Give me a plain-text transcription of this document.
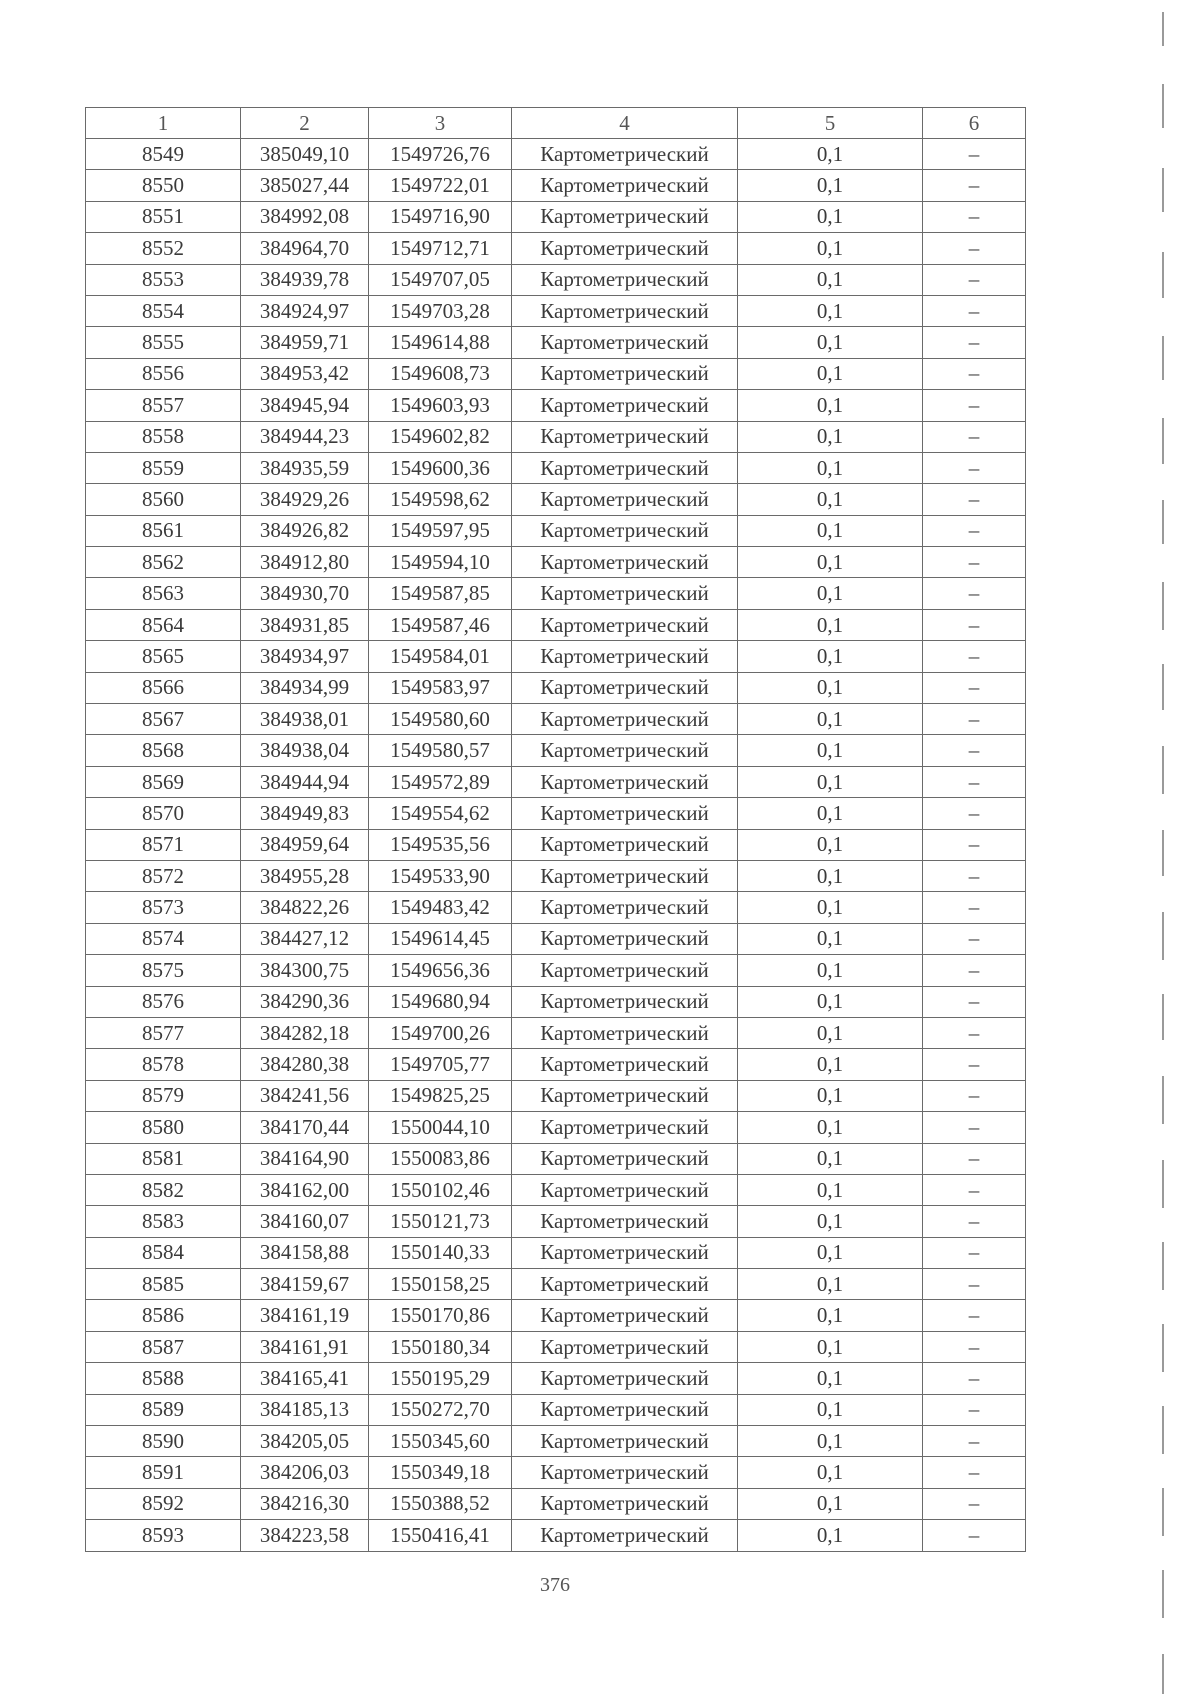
1	2	3	4	5	6
8549	385049,10	1549726,76	Картометрический	0,1	–
8550	385027,44	1549722,01	Картометрический	0,1	–
8551	384992,08	1549716,90	Картометрический	0,1	–
8552	384964,70	1549712,71	Картометрический	0,1	–
8553	384939,78	1549707,05	Картометрический	0,1	–
8554	384924,97	1549703,28	Картометрический	0,1	–
8555	384959,71	1549614,88	Картометрический	0,1	–
8556	384953,42	1549608,73	Картометрический	0,1	–
8557	384945,94	1549603,93	Картометрический	0,1	–
8558	384944,23	1549602,82	Картометрический	0,1	–
8559	384935,59	1549600,36	Картометрический	0,1	–
8560	384929,26	1549598,62	Картометрический	0,1	–
8561	384926,82	1549597,95	Картометрический	0,1	–
8562	384912,80	1549594,10	Картометрический	0,1	–
8563	384930,70	1549587,85	Картометрический	0,1	–
8564	384931,85	1549587,46	Картометрический	0,1	–
8565	384934,97	1549584,01	Картометрический	0,1	–
8566	384934,99	1549583,97	Картометрический	0,1	–
8567	384938,01	1549580,60	Картометрический	0,1	–
8568	384938,04	1549580,57	Картометрический	0,1	–
8569	384944,94	1549572,89	Картометрический	0,1	–
8570	384949,83	1549554,62	Картометрический	0,1	–
8571	384959,64	1549535,56	Картометрический	0,1	–
8572	384955,28	1549533,90	Картометрический	0,1	–
8573	384822,26	1549483,42	Картометрический	0,1	–
8574	384427,12	1549614,45	Картометрический	0,1	–
8575	384300,75	1549656,36	Картометрический	0,1	–
8576	384290,36	1549680,94	Картометрический	0,1	–
8577	384282,18	1549700,26	Картометрический	0,1	–
8578	384280,38	1549705,77	Картометрический	0,1	–
8579	384241,56	1549825,25	Картометрический	0,1	–
8580	384170,44	1550044,10	Картометрический	0,1	–
8581	384164,90	1550083,86	Картометрический	0,1	–
8582	384162,00	1550102,46	Картометрический	0,1	–
8583	384160,07	1550121,73	Картометрический	0,1	–
8584	384158,88	1550140,33	Картометрический	0,1	–
8585	384159,67	1550158,25	Картометрический	0,1	–
8586	384161,19	1550170,86	Картометрический	0,1	–
8587	384161,91	1550180,34	Картометрический	0,1	–
8588	384165,41	1550195,29	Картометрический	0,1	–
8589	384185,13	1550272,70	Картометрический	0,1	–
8590	384205,05	1550345,60	Картометрический	0,1	–
8591	384206,03	1550349,18	Картометрический	0,1	–
8592	384216,30	1550388,52	Картометрический	0,1	–
8593	384223,58	1550416,41	Картометрический	0,1	–
376
